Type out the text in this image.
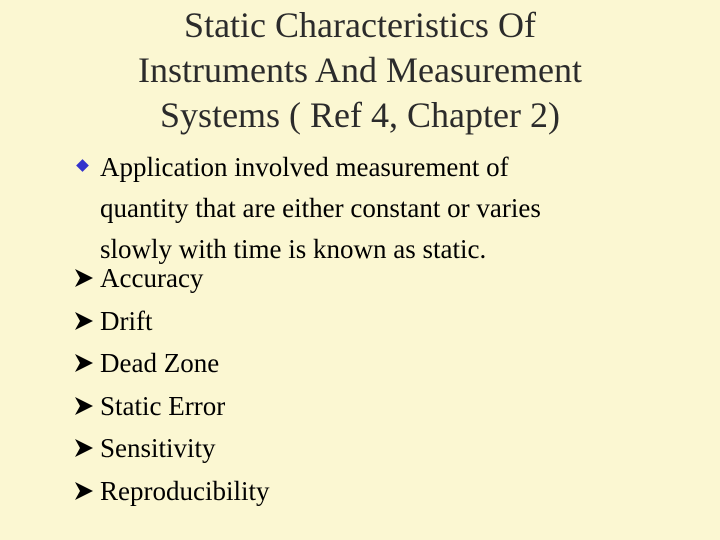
Static Characteristics Of
Instruments And Measurement
Systems ( Ref 4, Chapter 2)
Application involved measurement of
quantity that are either constant or varies
slowly with time is known as static.
Accuracy
Drift
Dead Zone
Static Error
Sensitivity
Reproducibility
